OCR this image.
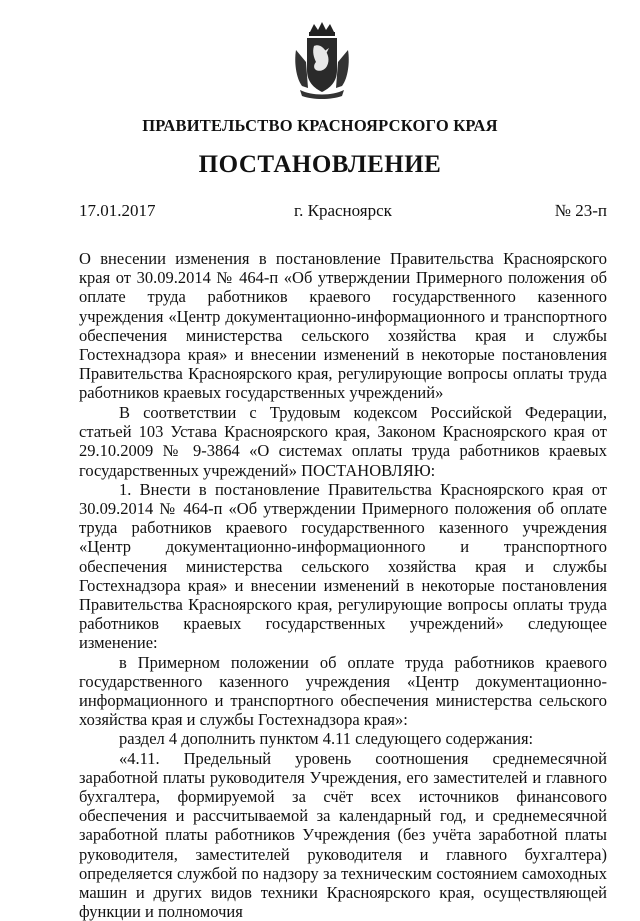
ПРАВИТЕЛЬСТВО КРАСНОЯРСКОГО КРАЯ
ПОСТАНОВЛЕНИЕ
17.01.2017	г. Красноярск	№ 23-п

О внесении изменения в постановление Правительства Красноярского края от 30.09.2014 № 464-п «Об утверждении Примерного положения об оплате труда работников краевого государственного казенного учреждения «Центр документационно-информационного и транспортного обеспечения министерства сельского хозяйства края и службы Гостехнадзора края» и внесении изменений в некоторые постановления Правительства Красноярского края, регулирующие вопросы оплаты труда работников краевых государственных учреждений»

В соответствии с Трудовым кодексом Российской Федерации, статьей 103 Устава Красноярского края, Законом Красноярского края от 29.10.2009 № 9-3864 «О системах оплаты труда работников краевых государственных учреждений» ПОСТАНОВЛЯЮ:

1. Внести в постановление Правительства Красноярского края от 30.09.2014 № 464-п «Об утверждении Примерного положения об оплате труда работников краевого государственного казенного учреждения «Центр документационно-информационного и транспортного обеспечения министерства сельского хозяйства края и службы Гостехнадзора края» и внесении изменений в некоторые постановления Правительства Красноярского края, регулирующие вопросы оплаты труда работников краевых государственных учреждений» следующее изменение:

в Примерном положении об оплате труда работников краевого государственного казенного учреждения «Центр документационно-информационного и транспортного обеспечения министерства сельского хозяйства края и службы Гостехнадзора края»:

раздел 4 дополнить пунктом 4.11 следующего содержания:

«4.11. Предельный уровень соотношения среднемесячной заработной платы руководителя Учреждения, его заместителей и главного бухгалтера, формируемой за счёт всех источников финансового обеспечения и рассчитываемой за календарный год, и среднемесячной заработной платы работников Учреждения (без учёта заработной платы руководителя, заместителей руководителя и главного бухгалтера) определяется службой по надзору за техническим состоянием самоходных машин и других видов техники Красноярского края, осуществляющей функции и полномочия
